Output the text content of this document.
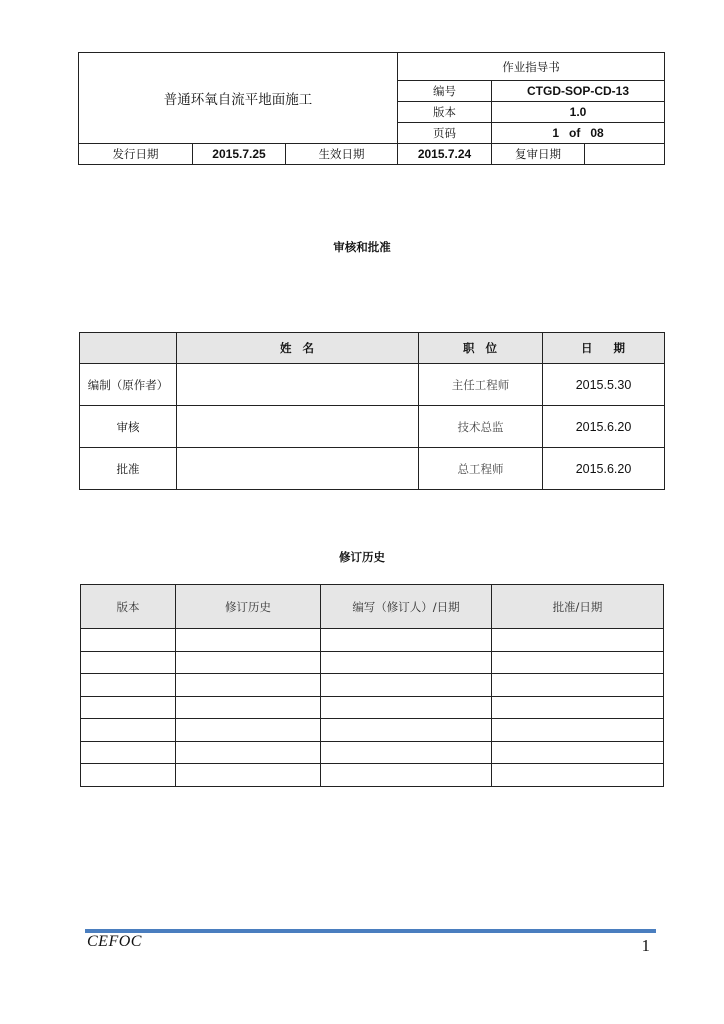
普通环氧自流平地面施工			作业指导书		
			编号	CTGD-SOP-CD-13	
			版本	1.0	
			页码	1   of   08	
发行日期	2015.7.25	生效日期	2015.7.24	复审日期	
审核和批准
	姓  名	职  位	日    期
编制（原作者）		主任工程师	2015.5.30
审核		技术总监	2015.6.20
批准		总工程师	2015.6.20
修订历史
版本	修订历史	编写（修订人）/日期	批准/日期

CEFOC	1
